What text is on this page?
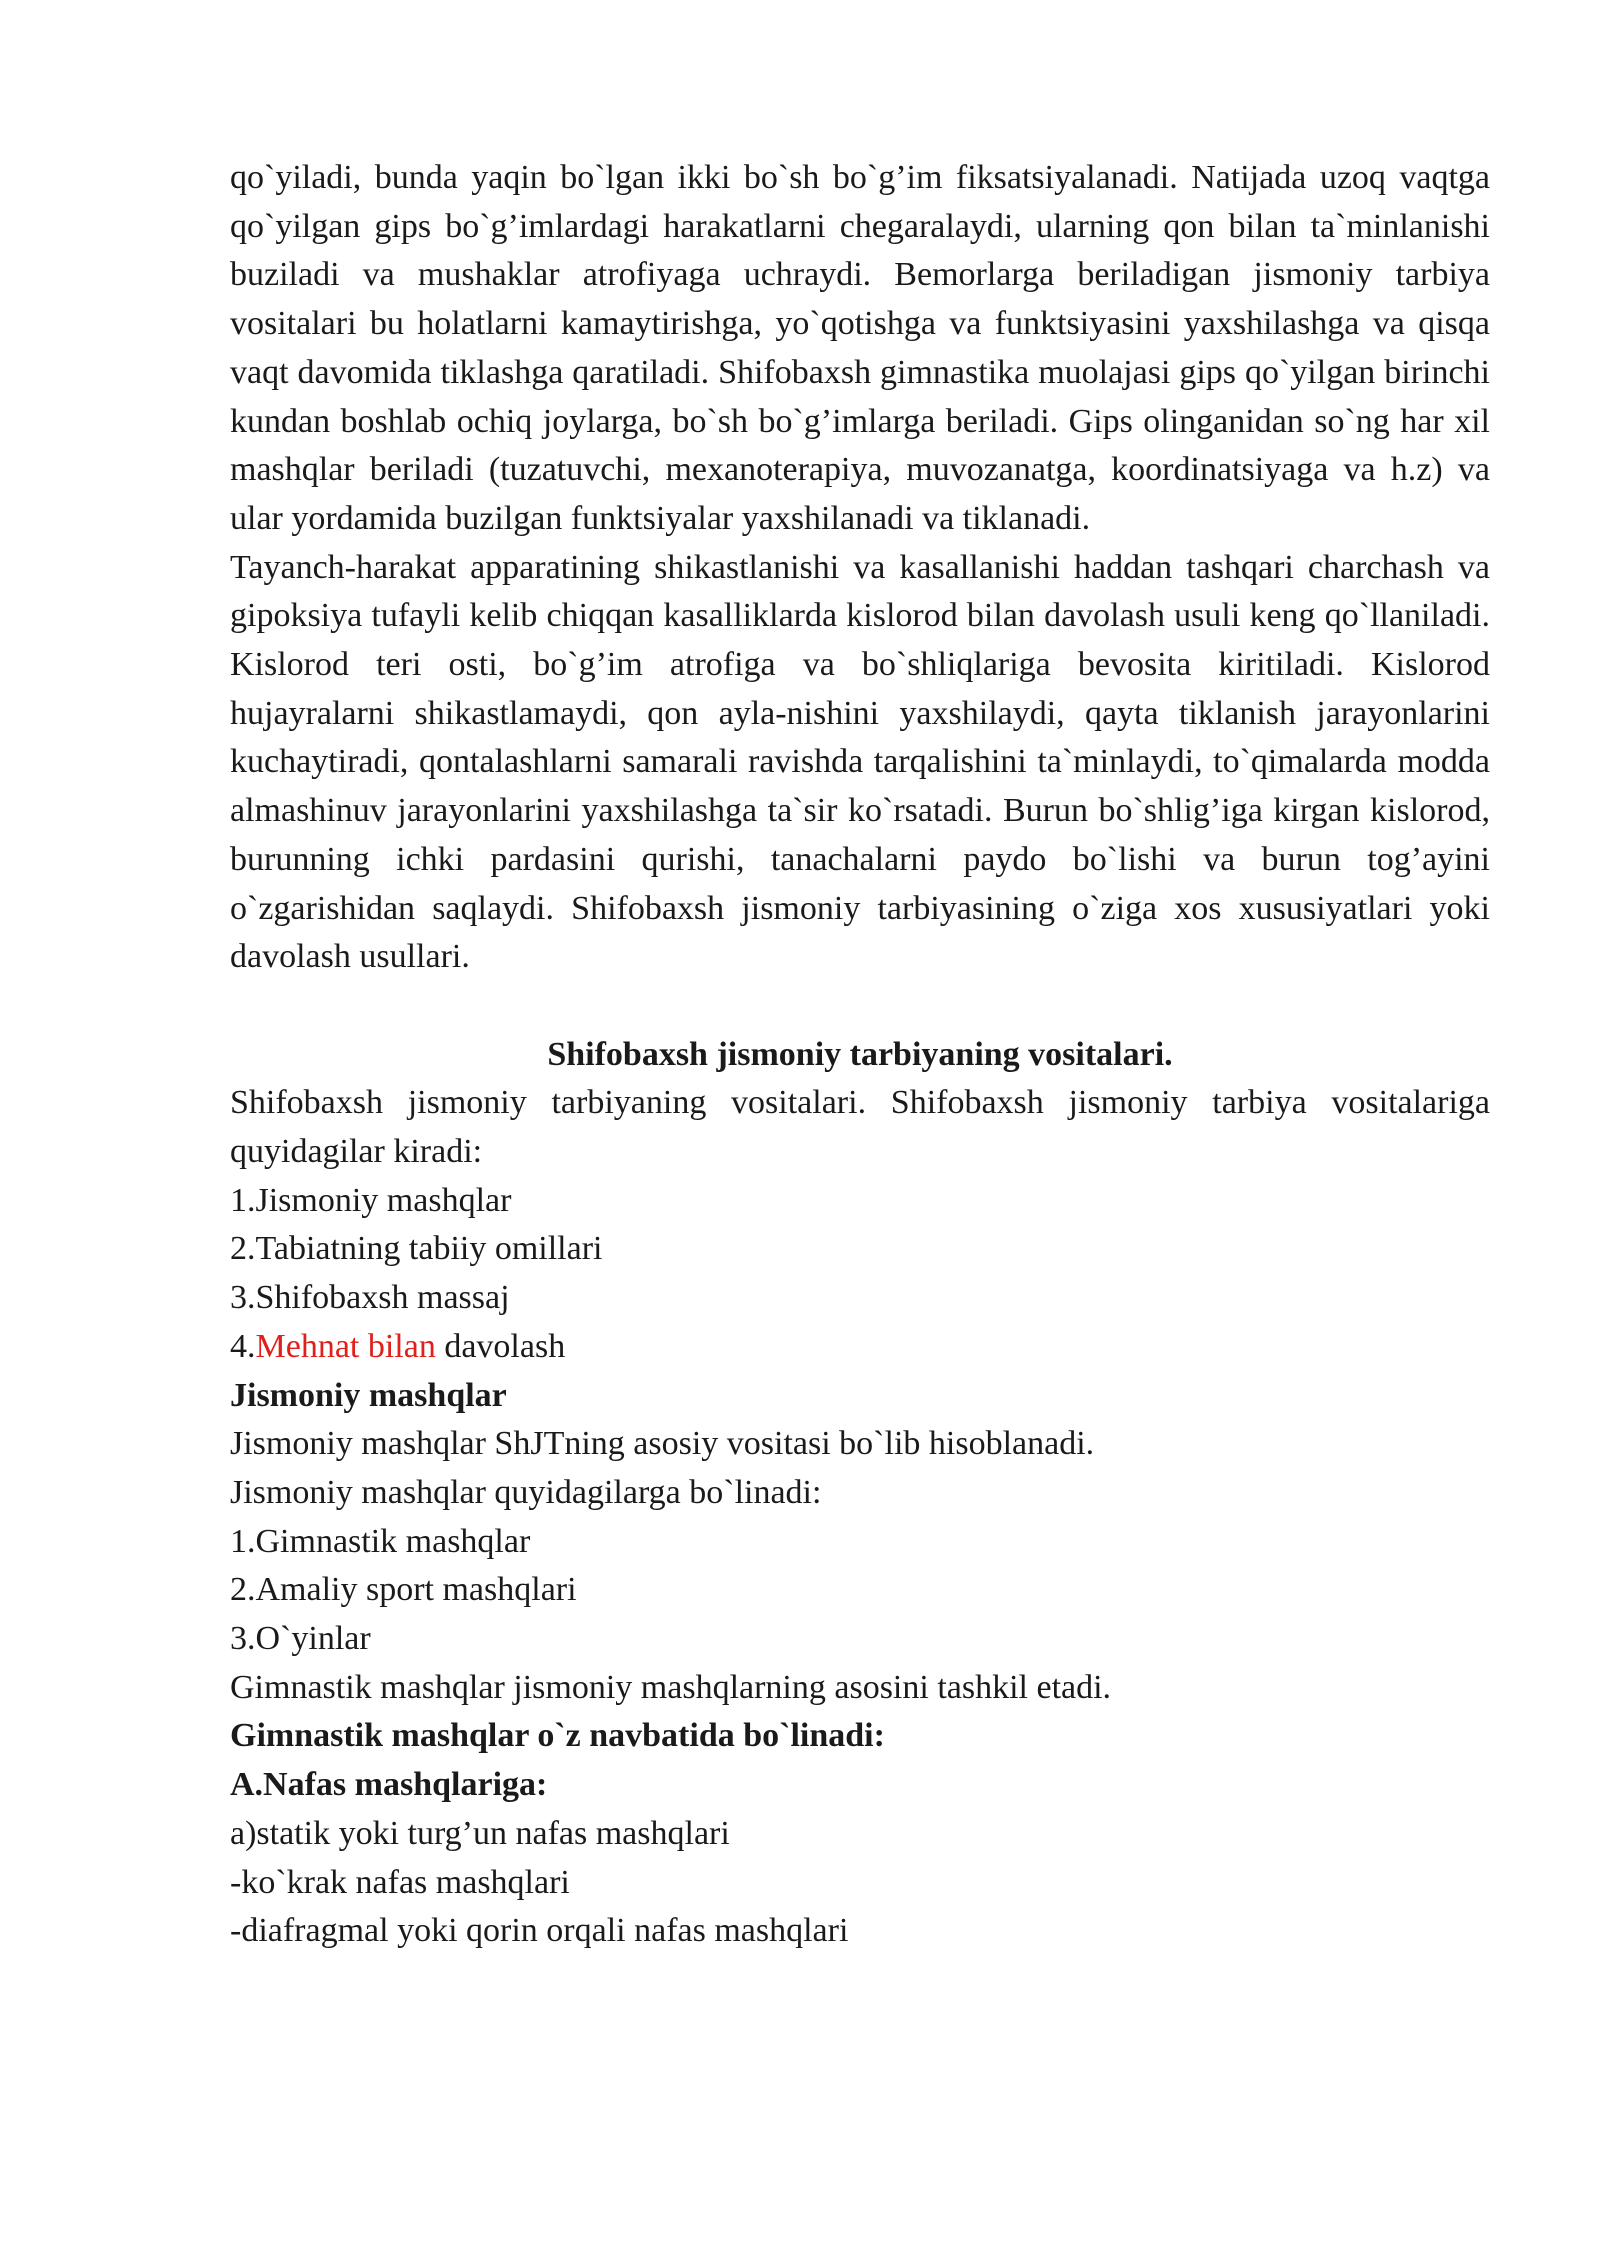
qo`yiladi, bunda yaqin bo`lgan ikki bo`sh bo`g’im fiksatsiyalanadi. Natijada uzoq vaqtga qo`yilgan gips bo`g’imlardagi harakatlarni chegaralaydi, ularning qon bilan ta`minlanishi buziladi va mushaklar atrofiyaga uchraydi. Bemorlarga beriladigan jismoniy tarbiya vositalari bu holatlarni kamaytirishga, yo`qotishga va funktsiyasini yaxshilashga va qisqa vaqt davomida tiklashga qaratiladi. Shifobaxsh gimnastika muolajasi gips qo`yilgan birinchi kundan boshlab ochiq joylarga, bo`sh bo`g’imlarga beriladi. Gips olinganidan so`ng har xil mashqlar beriladi (tuzatuvchi, mexanoterapiya, muvozanatga, koordinatsiyaga va h.z) va ular yordamida buzilgan funktsiyalar yaxshilanadi va tiklanadi.

Tayanch-harakat apparatining shikastlanishi va kasallanishi haddan tashqari charchash va gipoksiya tufayli kelib chiqqan kasalliklarda kislorod bilan davolash usuli keng qo`llaniladi. Kislorod teri osti, bo`g’im atrofiga va bo`shliqlariga bevosita kiritiladi. Kislorod hujayralarni shikastlamaydi, qon ayla-nishini yaxshilaydi, qayta tiklanish jarayonlarini kuchaytiradi, qontalashlarni samarali ravishda tarqalishini ta`minlaydi, to`qimalarda modda almashinuv jarayonlarini yaxshilashga ta`sir ko`rsatadi. Burun bo`shlig’iga kirgan kislorod, burunning ichki pardasini qurishi, tanachalarni paydo bo`lishi va burun tog’ayini o`zgarishidan saqlaydi. Shifobaxsh jismoniy tarbiyasining o`ziga xos xususiyatlari yoki davolash usullari.

Shifobaxsh jismoniy tarbiyaning vositalari.

Shifobaxsh jismoniy tarbiyaning vositalari. Shifobaxsh jismoniy tarbiya vositalariga quyidagilar kiradi:

1.Jismoniy mashqlar

2.Tabiatning tabiiy omillari

3.Shifobaxsh massaj

4.Mehnat bilan davolash

Jismoniy mashqlar

Jismoniy mashqlar ShJTning asosiy vositasi bo`lib hisoblanadi.

Jismoniy mashqlar quyidagilarga bo`linadi:

1.Gimnastik mashqlar

2.Amaliy sport mashqlari

3.O`yinlar

Gimnastik mashqlar jismoniy mashqlarning asosini tashkil etadi.

Gimnastik mashqlar o`z navbatida bo`linadi:

A.Nafas mashqlariga:

a)statik yoki turg’un nafas mashqlari

-ko`krak nafas mashqlari

-diafragmal yoki qorin orqali nafas mashqlari
